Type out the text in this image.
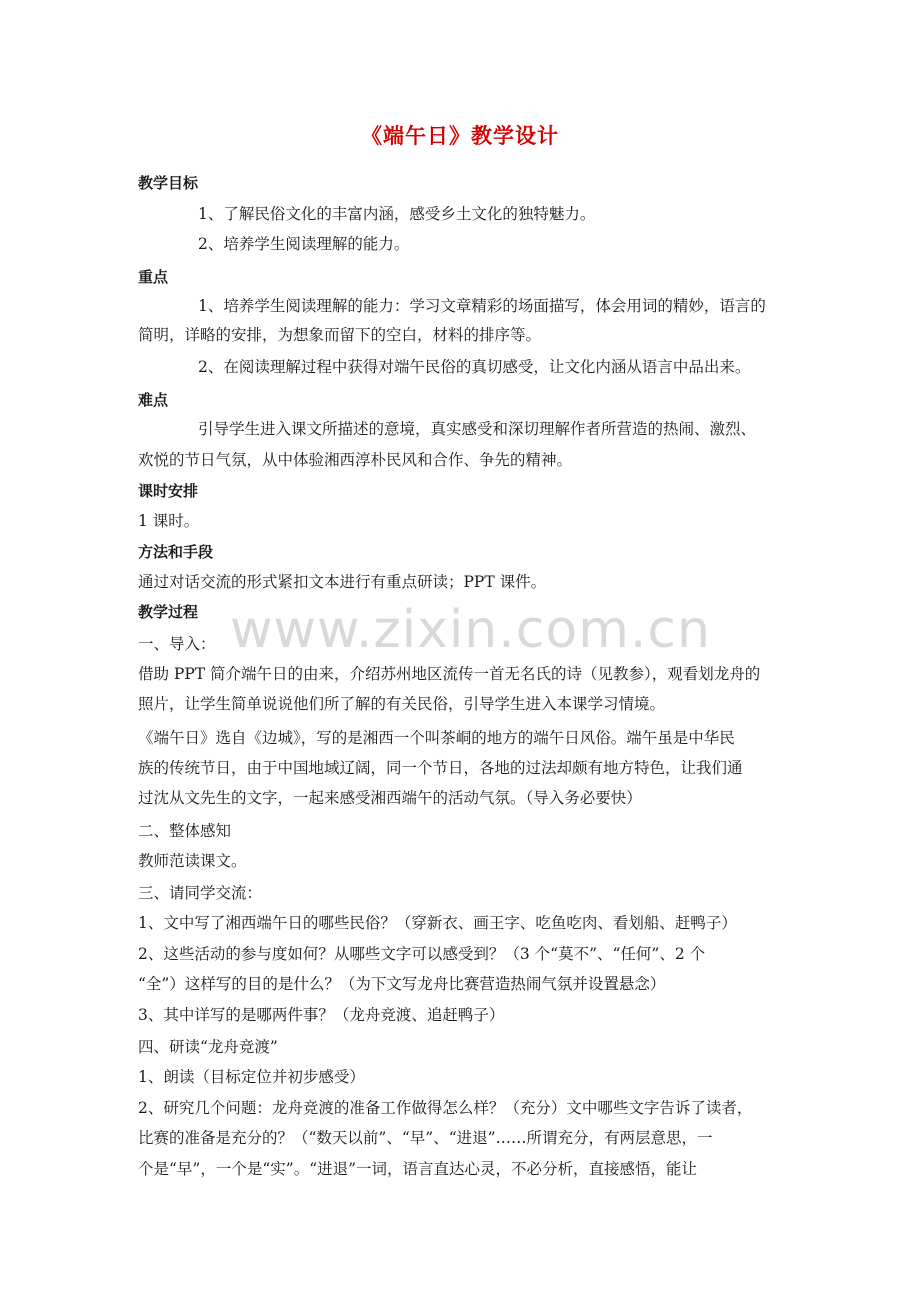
www.zixin.com.cn
《端午日》教学设计
教学目标
1、了解民俗文化的丰富内涵，感受乡土文化的独特魅力。
2、培养学生阅读理解的能力。
重点
1、培养学生阅读理解的能力：学习文章精彩的场面描写，体会用词的精妙，语言的
简明，详略的安排，为想象而留下的空白，材料的排序等。
2、在阅读理解过程中获得对端午民俗的真切感受，让文化内涵从语言中品出来。
难点
引导学生进入课文所描述的意境，真实感受和深切理解作者所营造的热闹、激烈、
欢悦的节日气氛，从中体验湘西淳朴民风和合作、争先的精神。
课时安排
1 课时。
方法和手段
通过对话交流的形式紧扣文本进行有重点研读；PPT 课件。
教学过程
一、导入：
借助 PPT 简介端午日的由来，介绍苏州地区流传一首无名氏的诗（见教参），观看划龙舟的
照片，让学生简单说说他们所了解的有关民俗，引导学生进入本课学习情境。
《端午日》选自《边城》，写的是湘西一个叫茶峒的地方的端午日风俗。端午虽是中华民
族的传统节日，由于中国地域辽阔，同一个节日，各地的过法却颇有地方特色，让我们通
过沈从文先生的文字，一起来感受湘西端午的活动气氛。（导入务必要快）
二、整体感知
教师范读课文。
三、请同学交流：
1、文中写了湘西端午日的哪些民俗？（穿新衣、画王字、吃鱼吃肉、看划船、赶鸭子）
2、这些活动的参与度如何？从哪些文字可以感受到？（3 个“莫不”、“任何”、2 个
“全”）这样写的目的是什么？（为下文写龙舟比赛营造热闹气氛并设置悬念）
3、其中详写的是哪两件事？（龙舟竞渡、追赶鸭子）
四、研读“龙舟竞渡”
1、朗读（目标定位并初步感受）
2、研究几个问题：龙舟竞渡的准备工作做得怎么样？（充分）文中哪些文字告诉了读者，
比赛的准备是充分的？（“数天以前”、“早”、“进退”……所谓充分，有两层意思，一
个是“早”，一个是“实”。“进退”一词，语言直达心灵，不必分析，直接感悟，能让
